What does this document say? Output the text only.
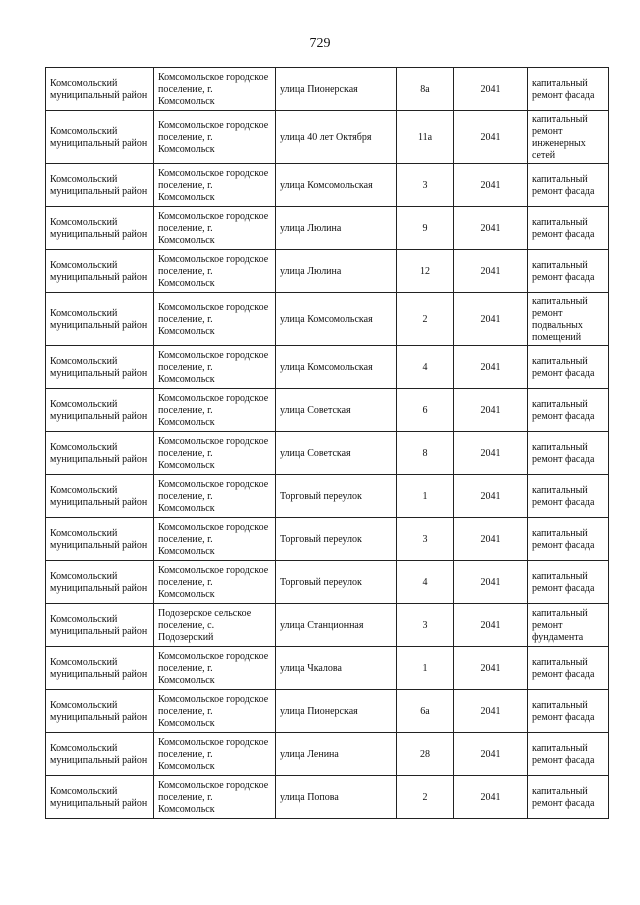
729
Комсомольский муниципальный район	Комсомольское городское поселение, г. Комсомольск	улица Пионерская	8а	2041	капитальный ремонт фасада
Комсомольский муниципальный район	Комсомольское городское поселение, г. Комсомольск	улица 40 лет Октября	11а	2041	капитальный ремонт инженерных сетей
Комсомольский муниципальный район	Комсомольское городское поселение, г. Комсомольск	улица Комсомольская	3	2041	капитальный ремонт фасада
Комсомольский муниципальный район	Комсомольское городское поселение, г. Комсомольск	улица Люлина	9	2041	капитальный ремонт фасада
Комсомольский муниципальный район	Комсомольское городское поселение, г. Комсомольск	улица Люлина	12	2041	капитальный ремонт фасада
Комсомольский муниципальный район	Комсомольское городское поселение, г. Комсомольск	улица Комсомольская	2	2041	капитальный ремонт подвальных помещений
Комсомольский муниципальный район	Комсомольское городское поселение, г. Комсомольск	улица Комсомольская	4	2041	капитальный ремонт фасада
Комсомольский муниципальный район	Комсомольское городское поселение, г. Комсомольск	улица Советская	6	2041	капитальный ремонт фасада
Комсомольский муниципальный район	Комсомольское городское поселение, г. Комсомольск	улица Советская	8	2041	капитальный ремонт фасада
Комсомольский муниципальный район	Комсомольское городское поселение, г. Комсомольск	Торговый переулок	1	2041	капитальный ремонт фасада
Комсомольский муниципальный район	Комсомольское городское поселение, г. Комсомольск	Торговый переулок	3	2041	капитальный ремонт фасада
Комсомольский муниципальный район	Комсомольское городское поселение, г. Комсомольск	Торговый переулок	4	2041	капитальный ремонт фасада
Комсомольский муниципальный район	Подозерское сельское поселение, с. Подозерский	улица Станционная	3	2041	капитальный ремонт фундамента
Комсомольский муниципальный район	Комсомольское городское поселение, г. Комсомольск	улица Чкалова	1	2041	капитальный ремонт фасада
Комсомольский муниципальный район	Комсомольское городское поселение, г. Комсомольск	улица Пионерская	6а	2041	капитальный ремонт фасада
Комсомольский муниципальный район	Комсомольское городское поселение, г. Комсомольск	улица Ленина	28	2041	капитальный ремонт фасада
Комсомольский муниципальный район	Комсомольское городское поселение, г. Комсомольск	улица Попова	2	2041	капитальный ремонт фасада
